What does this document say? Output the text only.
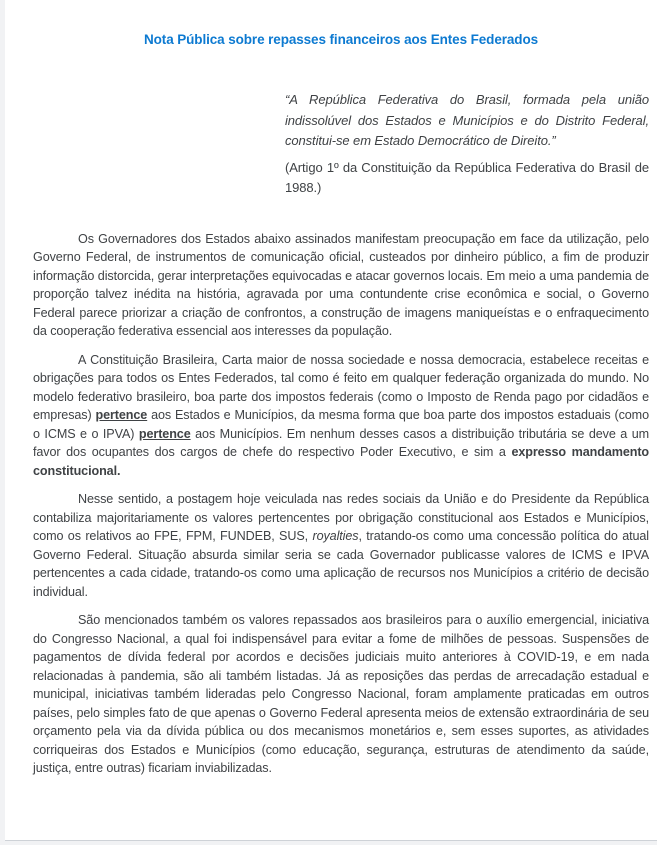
Nota Pública sobre repasses financeiros aos Entes Federados
“A República Federativa do Brasil, formada pela união indissolúvel dos Estados e Municípios e do Distrito Federal, constitui-se em Estado Democrático de Direito.”
(Artigo 1º da Constituição da República Federativa do Brasil de 1988.)

Os Governadores dos Estados abaixo assinados manifestam preocupação em face da utilização, pelo Governo Federal, de instrumentos de comunicação oficial, custeados por dinheiro público, a fim de produzir informação distorcida, gerar interpretações equivocadas e atacar governos locais. Em meio a uma pandemia de proporção talvez inédita na história, agravada por uma contundente crise econômica e social, o Governo Federal parece priorizar a criação de confrontos, a construção de imagens maniqueístas e o enfraquecimento da cooperação federativa essencial aos interesses da população.

A Constituição Brasileira, Carta maior de nossa sociedade e nossa democracia, estabelece receitas e obrigações para todos os Entes Federados, tal como é feito em qualquer federação organizada do mundo. No modelo federativo brasileiro, boa parte dos impostos federais (como o Imposto de Renda pago por cidadãos e empresas) pertence aos Estados e Municípios, da mesma forma que boa parte dos impostos estaduais (como o ICMS e o IPVA) pertence aos Municípios. Em nenhum desses casos a distribuição tributária se deve a um favor dos ocupantes dos cargos de chefe do respectivo Poder Executivo, e sim a expresso mandamento constitucional.

Nesse sentido, a postagem hoje veiculada nas redes sociais da União e do Presidente da República contabiliza majoritariamente os valores pertencentes por obrigação constitucional aos Estados e Municípios, como os relativos ao FPE, FPM, FUNDEB, SUS, royalties, tratando-os como uma concessão política do atual Governo Federal. Situação absurda similar seria se cada Governador publicasse valores de ICMS e IPVA pertencentes a cada cidade, tratando-os como uma aplicação de recursos nos Municípios a critério de decisão individual.

São mencionados também os valores repassados aos brasileiros para o auxílio emergencial, iniciativa do Congresso Nacional, a qual foi indispensável para evitar a fome de milhões de pessoas. Suspensões de pagamentos de dívida federal por acordos e decisões judiciais muito anteriores à COVID-19, e em nada relacionadas à pandemia, são ali também listadas. Já as reposições das perdas de arrecadação estadual e municipal, iniciativas também lideradas pelo Congresso Nacional, foram amplamente praticadas em outros países, pelo simples fato de que apenas o Governo Federal apresenta meios de extensão extraordinária de seu orçamento pela via da dívida pública ou dos mecanismos monetários e, sem esses suportes, as atividades corriqueiras dos Estados e Municípios (como educação, segurança, estruturas de atendimento da saúde, justiça, entre outras) ficariam inviabilizadas.
